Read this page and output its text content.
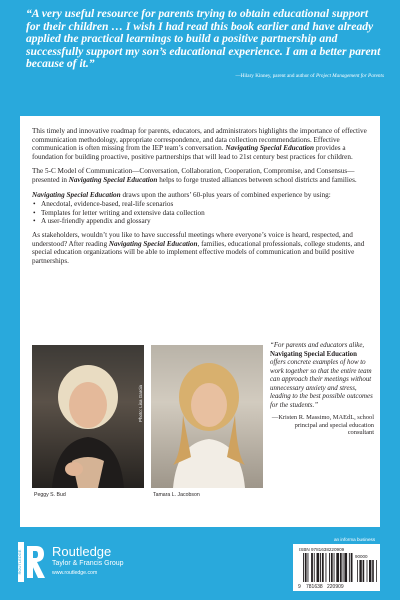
“A very useful resource for parents trying to obtain educational support for their children … I wish I had read this book earlier and have already applied the practical learnings to build a positive partnership and successfully support my son’s educational experience. I am a better parent because of it.”

—Hilary Kinney, parent and author of Project Management for Parents

This timely and innovative roadmap for parents, educators, and administrators highlights the importance of effective communication methodology, appropriate correspondence, and data collection recommendations. Effective communication is often missing from the IEP team’s conversation. Navigating Special Education provides a foundation for building proactive, positive partnerships that will lead to 21st century best practices for children.

The 5-C Model of Communication—Conversation, Collaboration, Cooperation, Compromise, and Consensus—presented in Navigating Special Education helps to forge trusted alliances between school districts and families.

Navigating Special Education draws upon the authors’ 60-plus years of combined experience by using:

• Anecdotal, evidence-based, real-life scenarios
• Templates for letter writing and extensive data collection
• A user-friendly appendix and glossary

As stakeholders, wouldn’t you like to have successful meetings where everyone’s voice is heard, respected, and understood? After reading Navigating Special Education, families, educational professionals, college students, and special education organizations will be able to implement effective models of communication and build positive partnerships.

Photo: Lisa Garcia
Peggy S. Bud	Tamara L. Jacobson

“For parents and educators alike, Navigating Special Education offers concrete examples of how to work together so that the entire team can approach their meetings without unnecessary anxiety and stress, leading to the best possible outcomes for the students.”

—Kristen R. Massimo, MAEdL, school principal and special education consultant

ROUTLEDGE Routledge
Taylor & Francis Group
www.routledge.com
an informa business
ISBN 9781638220909
9 781638 220909
90000
